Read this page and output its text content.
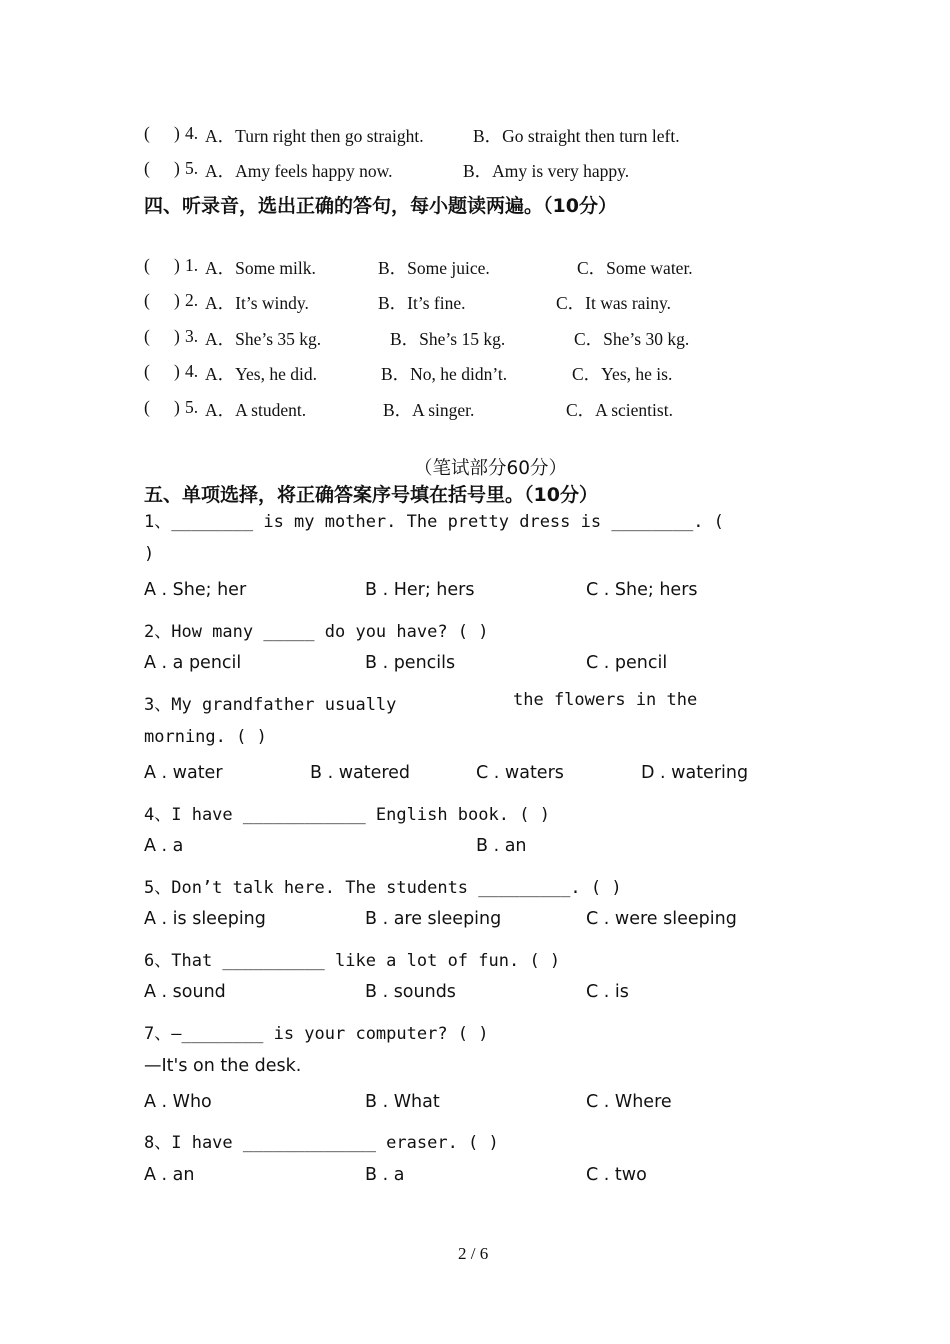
( ) 4. A．Turn right then go straight.	B．Go straight then turn left.
( ) 5. A．Amy feels happy now.	B．Amy is very happy.
四、听录音，选出正确的答句，每小题读两遍。（10分）
( ) 1. A．Some milk.	B．Some juice.	C．Some water.
( ) 2. A．It’s windy.	B．It’s fine.	C．It was rainy.
( ) 3. A．She’s 35 kg.	B．She’s 15 kg.	C．She’s 30 kg.
( ) 4. A．Yes, he did.	B．No, he didn’t.	C．Yes, he is.
( ) 5. A．A student.	B．A singer.	C．A scientist.
（笔试部分60分）
五、单项选择，将正确答案序号填在括号里。（10分）
1、________ is my mother. The pretty dress is ________. (
)
A . She; her	B . Her; hers	C . She; hers
2、How many _____ do you have? ( )
A . a pencil	B . pencils	C . pencil
3、My grandfather usually	the flowers in the
morning. ( )
A . water	B . watered	C . waters	D . watering
4、I have ____________ English book. ( )
A . a	B . an
5、Don’t talk here. The students _________. ( )
A . is sleeping	B . are sleeping	C . were sleeping
6、That __________ like a lot of fun. ( )
A . sound	B . sounds	C . is
7、—________ is your computer? ( )
—It's on the desk.
A . Who	B . What	C . Where
8、I have _____________ eraser. ( )
A . an	B . a	C . two
2 / 6
